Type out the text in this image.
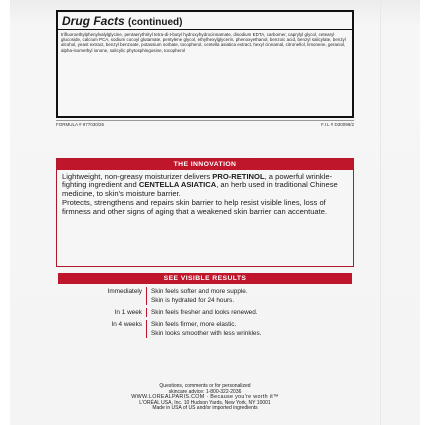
Drug Facts (continued)
trifluoroethylphenylvalylglycine, pentaerythrityl tetra-di-t-butyl hydroxyhydrocinnamate, disodium EDTA, carbomer, caprylyl glycol, cetearyl glucoside, calcium PCA, sodium cocoyl glutamate, pentylene glycol, ethylhexylglycerin, phenoxyethanol, benzoic acid, benzyl salicylate, benzyl alcohol, yeast extract, benzyl benzoate, potassium sorbate, tocopherol, centella asiatica extract, hexyl cinnamal, citronellol, limonene, geraniol, alpha-isomethyl ionone, salicylic phytosphingosine, tocopherol
FORMULA # 977030/26	F.I.L # D30098/2
THE INNOVATION

Lightweight, non-greasy moisturizer delivers PRO-RETINOL, a powerful wrinkle-fighting ingredient and CENTELLA ASIATICA, an herb used in traditional Chinese medicine, to skin's moisture barrier.

Protects, strengthens and repairs skin barrier to help resist visible lines, loss of firmness and other signs of aging that a weakened skin barrier can accentuate.

SEE VISIBLE RESULTS
Immediately	Skin feels softer and more supple.
Skin is hydrated for 24 hours.
In 1 week	Skin feels fresher and looks renewed.
In 4 weeks	Skin feels firmer, more elastic.
Skin looks smoother with less wrinkles.
Questions, comments or for personalized
skincare advice: 1-800-322-2036
WWW.LOREALPARIS.COM · Because you're worth it™
L'ORÉAL USA, Inc. 10 Hudson Yards, New York, NY 10001
Made in USA of US and/or imported ingredients
